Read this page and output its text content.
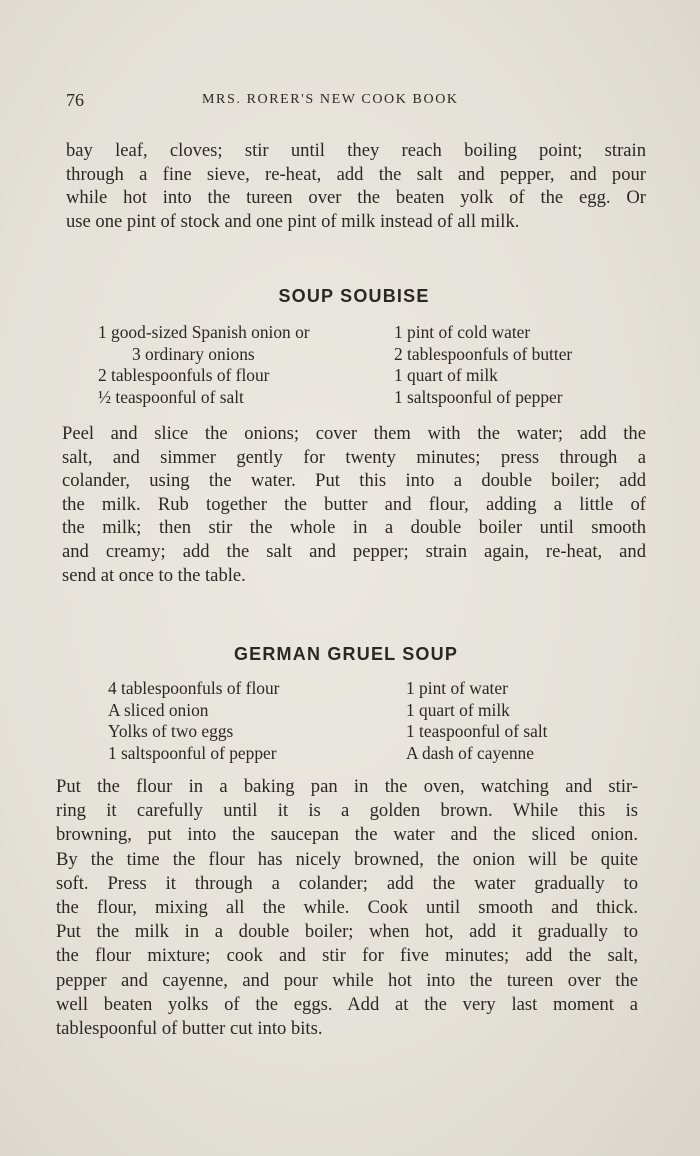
76	MRS. RORER'S NEW COOK BOOK

bay leaf, cloves; stir until they reach boiling point; strain
through a fine sieve, re-heat, add the salt and pepper, and pour
while hot into the tureen over the beaten yolk of the egg. Or
use one pint of stock and one pint of milk instead of all milk.

SOUP SOUBISE
1 good-sized Spanish onion or
3 ordinary onions
2 tablespoonfuls of flour
½ teaspoonful of salt
1 pint of cold water
2 tablespoonfuls of butter
1 quart of milk
1 saltspoonful of pepper

Peel and slice the onions; cover them with the water; add the
salt, and simmer gently for twenty minutes; press through a
colander, using the water. Put this into a double boiler; add
the milk. Rub together the butter and flour, adding a little of
the milk; then stir the whole in a double boiler until smooth
and creamy; add the salt and pepper; strain again, re-heat, and
send at once to the table.

GERMAN GRUEL SOUP
4 tablespoonfuls of flour
A sliced onion
Yolks of two eggs
1 saltspoonful of pepper
1 pint of water
1 quart of milk
1 teaspoonful of salt
A dash of cayenne

Put the flour in a baking pan in the oven, watching and stir-
ring it carefully until it is a golden brown. While this is
browning, put into the saucepan the water and the sliced onion.
By the time the flour has nicely browned, the onion will be quite
soft. Press it through a colander; add the water gradually to
the flour, mixing all the while. Cook until smooth and thick.
Put the milk in a double boiler; when hot, add it gradually to
the flour mixture; cook and stir for five minutes; add the salt,
pepper and cayenne, and pour while hot into the tureen over the
well beaten yolks of the eggs. Add at the very last moment a
tablespoonful of butter cut into bits.
